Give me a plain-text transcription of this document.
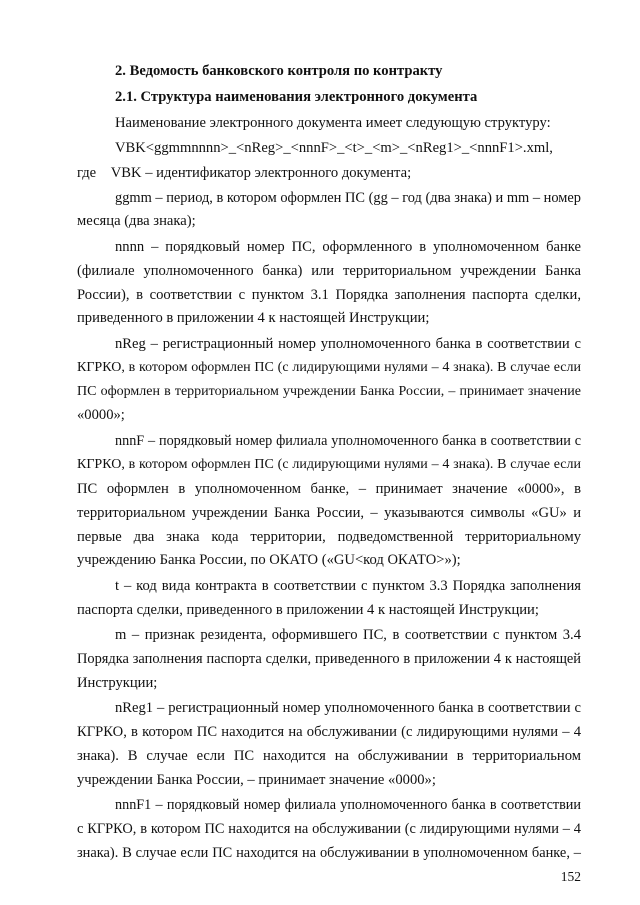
2. Ведомость банковского контроля по контракту
2.1. Структура наименования электронного документа
Наименование электронного документа имеет следующую структуру:
VBK<ggmmnnnn>_<nReg>_<nnnF>_<t>_<m>_<nReg1>_<nnnF1>.xml,
где    VBK – идентификатор электронного документа;
ggmm – период, в котором оформлен ПС (gg – год (два знака) и mm – номер
месяца (два знака);
nnnn – порядковый номер ПС, оформленного в уполномоченном банке
(филиале уполномоченного банка) или территориальном учреждении Банка
России), в соответствии с пунктом 3.1 Порядка заполнения паспорта сделки,
приведенного в приложении 4 к настоящей Инструкции;
nReg – регистрационный номер уполномоченного банка в соответствии с
КГРКО, в котором оформлен ПС (с лидирующими нулями – 4 знака). В случае если
ПС оформлен в территориальном учреждении Банка России, – принимает значение
«0000»;
nnnF – порядковый номер филиала уполномоченного банка в соответствии с
КГРКО, в котором оформлен ПС (с лидирующими нулями – 4 знака). В случае если
ПС оформлен в уполномоченном банке, – принимает значение «0000», в
территориальном учреждении Банка России, – указываются символы «GU» и
первые два знака кода территории, подведомственной территориальному
учреждению Банка России, по ОКАТО («GU<код ОКАТО>»);
t – код вида контракта в соответствии с пунктом 3.3 Порядка заполнения
паспорта сделки, приведенного в приложении 4 к настоящей Инструкции;
m – признак резидента, оформившего ПС, в соответствии с пунктом 3.4
Порядка заполнения паспорта сделки, приведенного в приложении 4 к настоящей
Инструкции;
nReg1 – регистрационный номер уполномоченного банка в соответствии с
КГРКО, в котором ПС находится на обслуживании (с лидирующими нулями – 4
знака). В случае если ПС находится на обслуживании в территориальном
учреждении Банка России, – принимает значение «0000»;
nnnF1 – порядковый номер филиала уполномоченного банка в соответствии
с КГРКО, в котором ПС находится на обслуживании (с лидирующими нулями – 4
знака). В случае если ПС находится на обслуживании в уполномоченном банке, –
152
